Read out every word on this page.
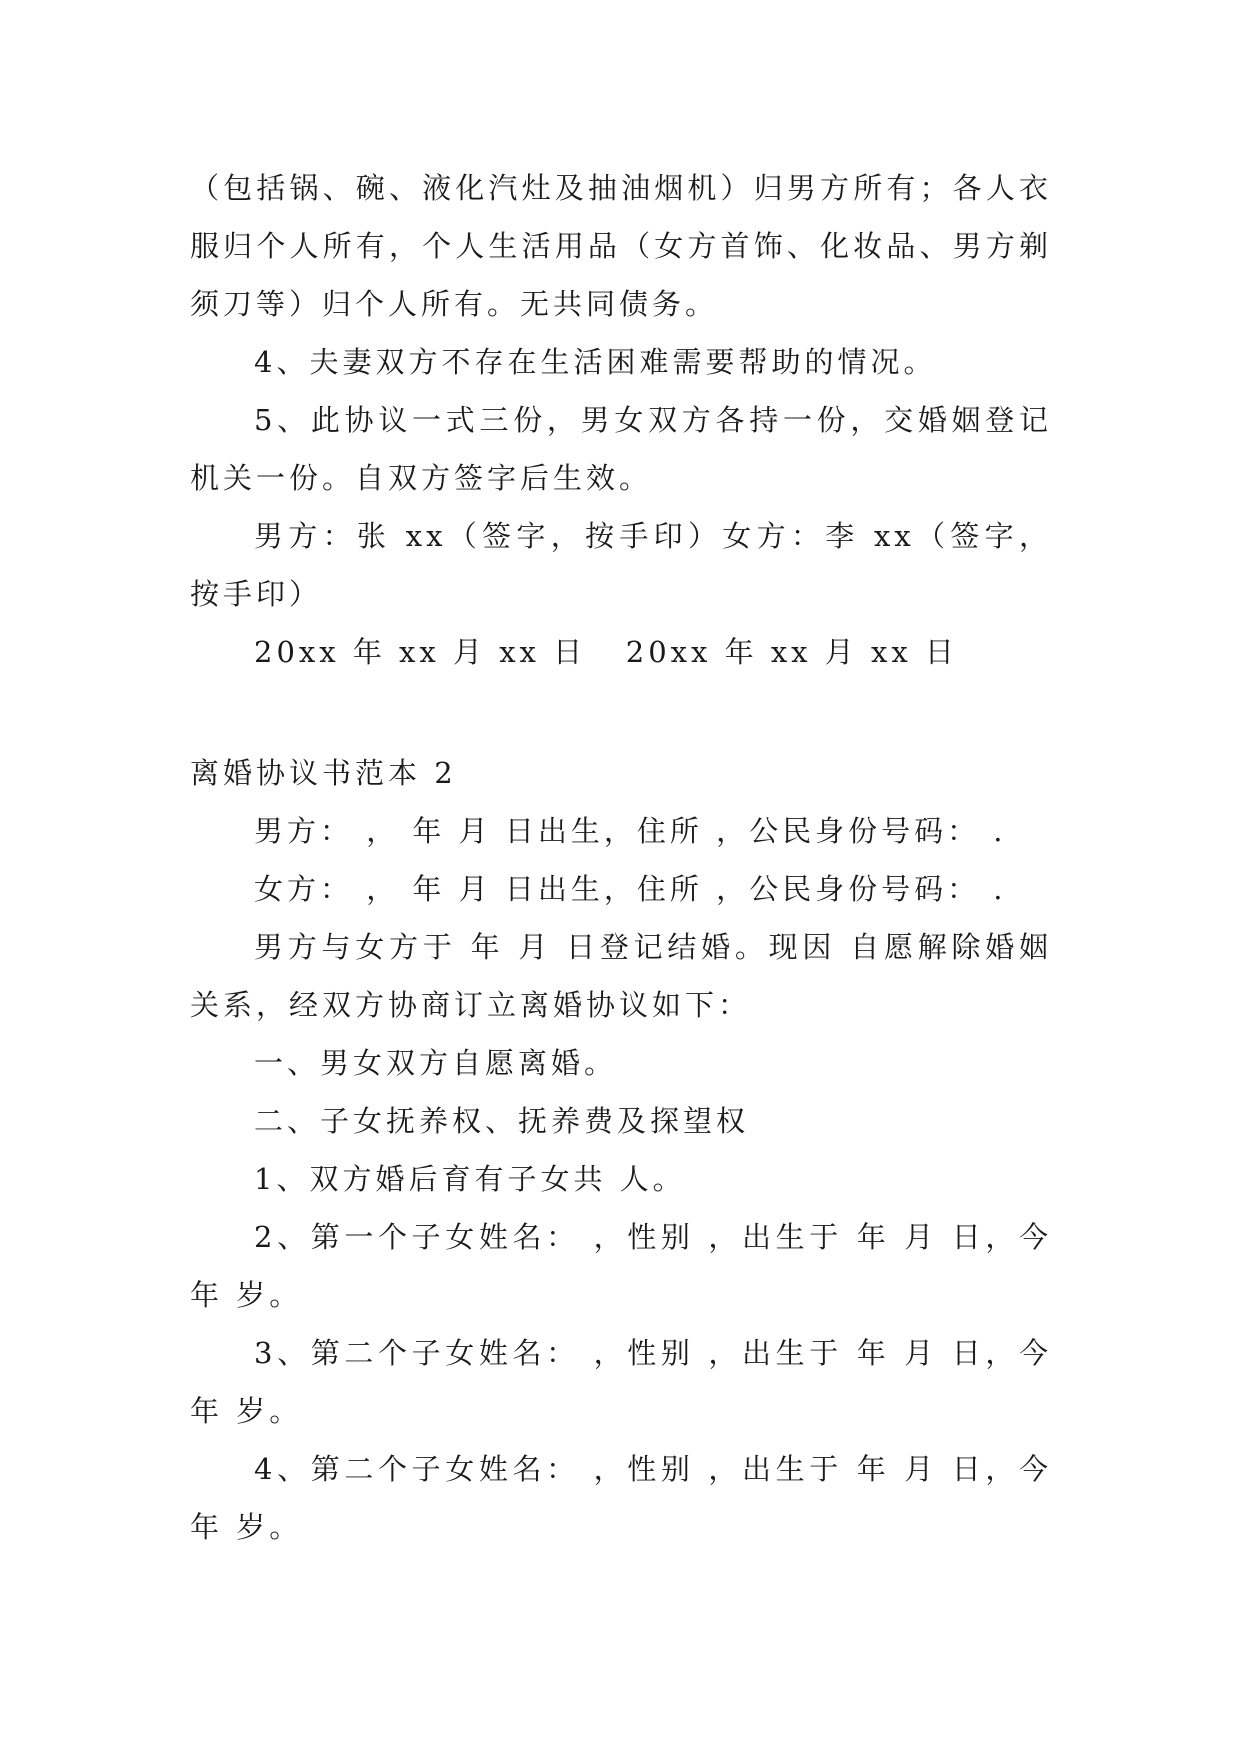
（包括锅、碗、液化汽灶及抽油烟机）归男方所有；各人衣服归个人所有，个人生活用品（女方首饰、化妆品、男方剃须刀等）归个人所有。无共同债务。

4、夫妻双方不存在生活困难需要帮助的情况。

5、此协议一式三份，男女双方各持一份，交婚姻登记机关一份。自双方签字后生效。

男方：张 xx（签字，按手印）女方：李 xx（签字，按手印）

20xx 年 xx 月 xx 日   20xx 年 xx 月 xx 日

离婚协议书范本 2

男方： ， 年 月 日出生，住所 ，公民身份号码： .

女方： ， 年 月 日出生，住所 ，公民身份号码： .

男方与女方于 年 月 日登记结婚。现因 自愿解除婚姻关系，经双方协商订立离婚协议如下：

一、男女双方自愿离婚。

二、子女抚养权、抚养费及探望权

1、双方婚后育有子女共 人。

2、第一个子女姓名： ，性别 ，出生于 年 月 日，今年 岁。

3、第二个子女姓名： ，性别 ，出生于 年 月 日，今年 岁。

4、第二个子女姓名： ，性别 ，出生于 年 月 日，今年 岁。
